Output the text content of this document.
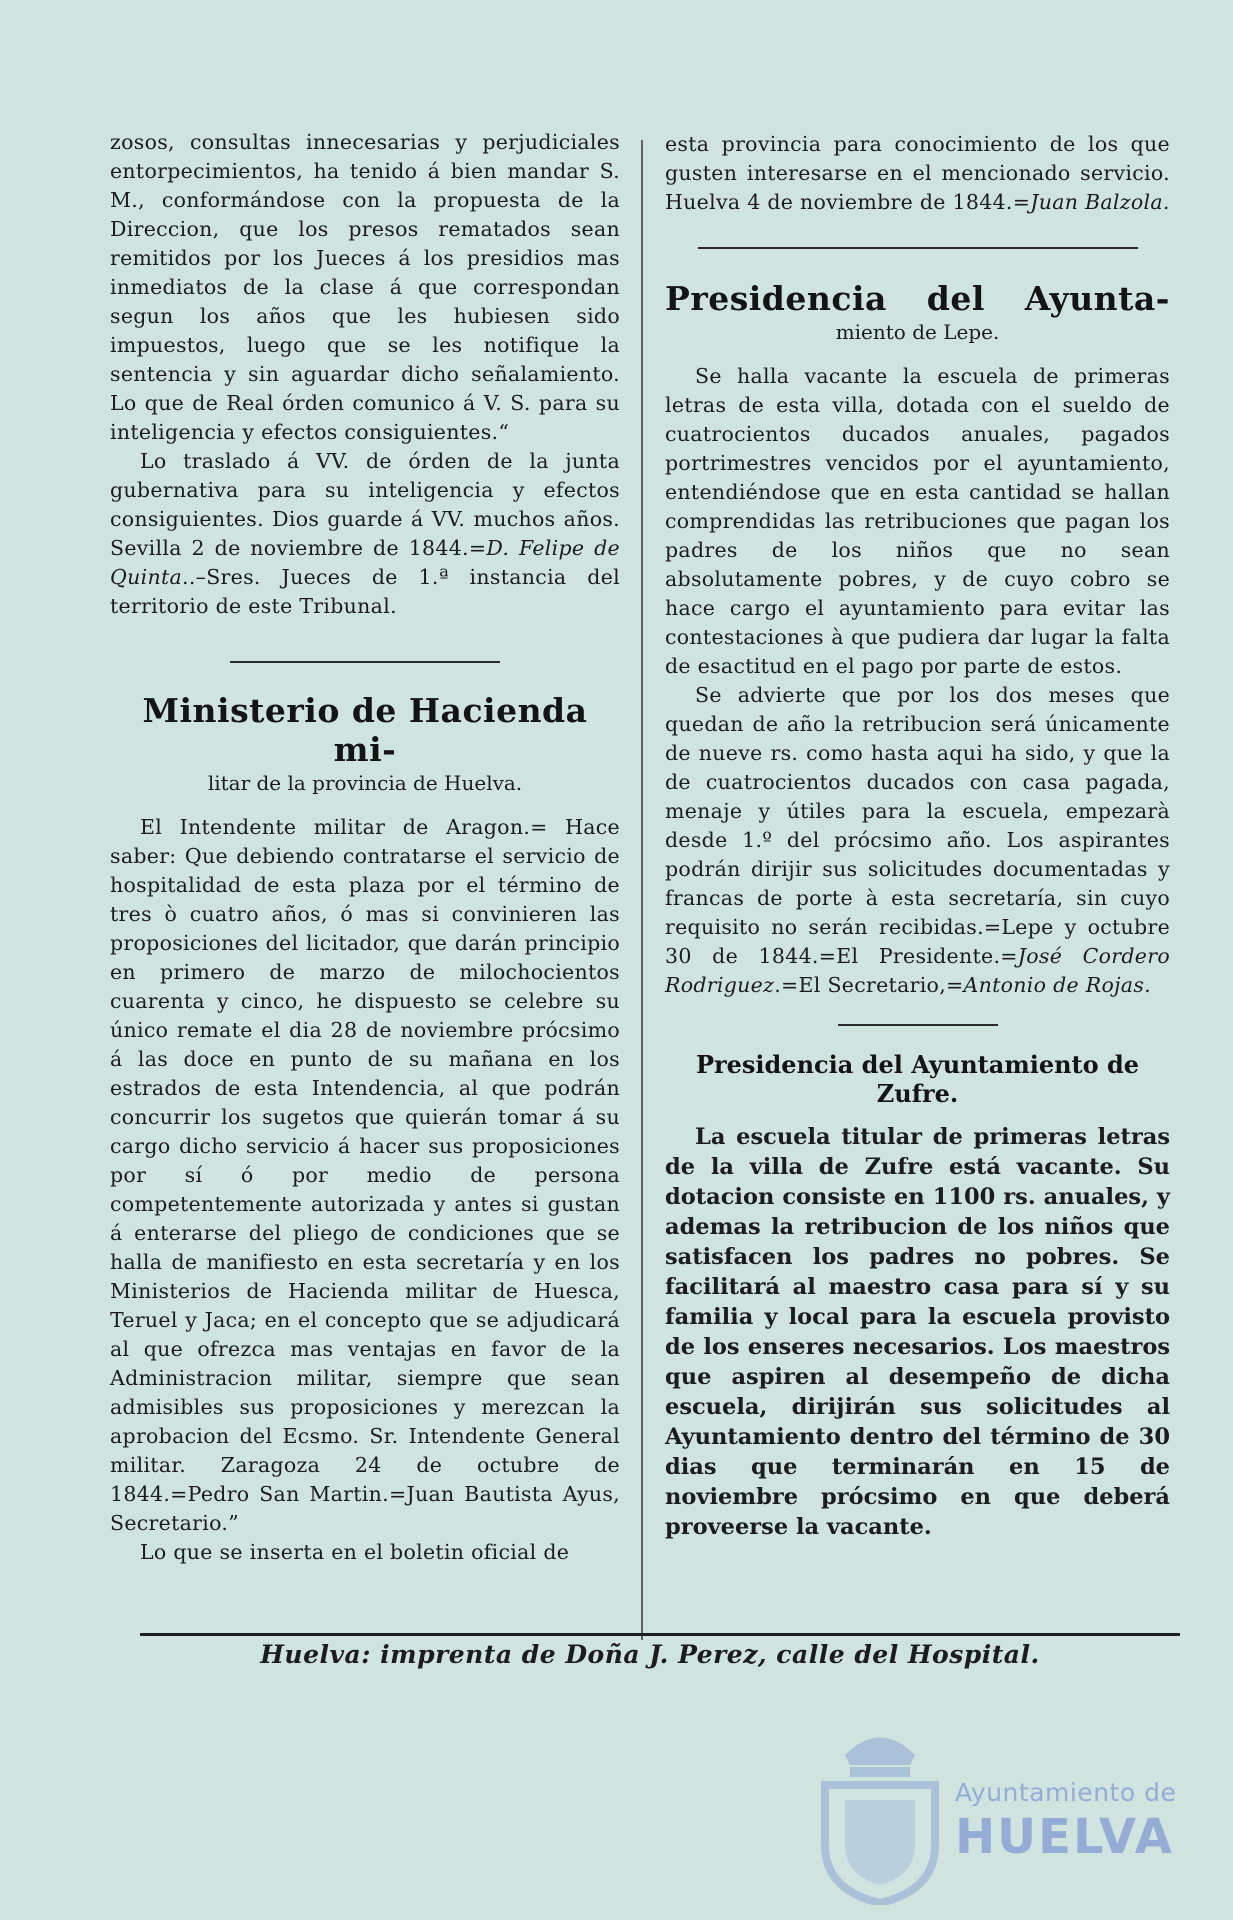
zosos, consultas innecesarias y perjudiciales entorpecimientos, ha tenido á bien mandar S. M., conformándose con la propuesta de la Direccion, que los presos rematados sean remitidos por los Jueces á los presidios mas inmediatos de la clase á que correspondan segun los años que les hubiesen sido impuestos, luego que se les notifique la sentencia y sin aguardar dicho señalamiento. Lo que de Real órden comunico á V. S. para su inteligencia y efectos consiguientes.“

Lo traslado á VV. de órden de la junta gubernativa para su inteligencia y efectos consiguientes. Dios guarde á VV. muchos años. Sevilla 2 de noviembre de 1844.=D. Felipe de Quinta..–Sres. Jueces de 1.ª instancia del territorio de este Tribunal.

Ministerio de Hacienda mi-
litar de la provincia de Huelva.

El Intendente militar de Aragon.= Hace saber: Que debiendo contratarse el servicio de hospitalidad de esta plaza por el término de tres ò cuatro años, ó mas si convinieren las proposiciones del licitador, que darán principio en primero de marzo de milochocientos cuarenta y cinco, he dispuesto se celebre su único remate el dia 28 de noviembre prócsimo á las doce en punto de su mañana en los estrados de esta Intendencia, al que podrán concurrir los sugetos que quierán tomar á su cargo dicho servicio á hacer sus proposiciones por sí ó por medio de persona competentemente autorizada y antes si gustan á enterarse del pliego de condiciones que se halla de manifiesto en esta secretaría y en los Ministerios de Hacienda militar de Huesca, Teruel y Jaca; en el concepto que se adjudicará al que ofrezca mas ventajas en favor de la Administracion militar, siempre que sean admisibles sus proposiciones y merezcan la aprobacion del Ecsmo. Sr. Intendente General militar. Zaragoza 24 de octubre de 1844.=Pedro San Martin.=Juan Bautista Ayus, Secretario.”

Lo que se inserta en el boletin oficial de

esta provincia para conocimiento de los que gusten interesarse en el mencionado servicio. Huelva 4 de noviembre de 1844.=Juan Balzola.

Presidencia del Ayunta-
miento de Lepe.

Se halla vacante la escuela de primeras letras de esta villa, dotada con el sueldo de cuatrocientos ducados anuales, pagados portrimestres vencidos por el ayuntamiento, entendiéndose que en esta cantidad se hallan comprendidas las retribuciones que pagan los padres de los niños que no sean absolutamente pobres, y de cuyo cobro se hace cargo el ayuntamiento para evitar las contestaciones à que pudiera dar lugar la falta de esactitud en el pago por parte de estos.

Se advierte que por los dos meses que quedan de año la retribucion será únicamente de nueve rs. como hasta aqui ha sido, y que la de cuatrocientos ducados con casa pagada, menaje y útiles para la escuela, empezarà desde 1.º del prócsimo año. Los aspirantes podrán dirijir sus solicitudes documentadas y francas de porte à esta secretaría, sin cuyo requisito no serán recibidas.=Lepe y octubre 30 de 1844.=El Presidente.=José Cordero Rodriguez.=El Secretario,=Antonio de Rojas.

Presidencia del Ayuntamiento de Zufre.

La escuela titular de primeras letras de la villa de Zufre está vacante. Su dotacion consiste en 1100 rs. anuales, y ademas la retribucion de los niños que satisfacen los padres no pobres. Se facilitará al maestro casa para sí y su familia y local para la escuela provisto de los enseres necesarios. Los maestros que aspiren al desempeño de dicha escuela, dirijirán sus solicitudes al Ayuntamiento dentro del término de 30 dias que terminarán en 15 de noviembre prócsimo en que deberá proveerse la vacante.

Huelva: imprenta de Doña J. Perez, calle del Hospital.
Ayuntamiento de
HUELVA
